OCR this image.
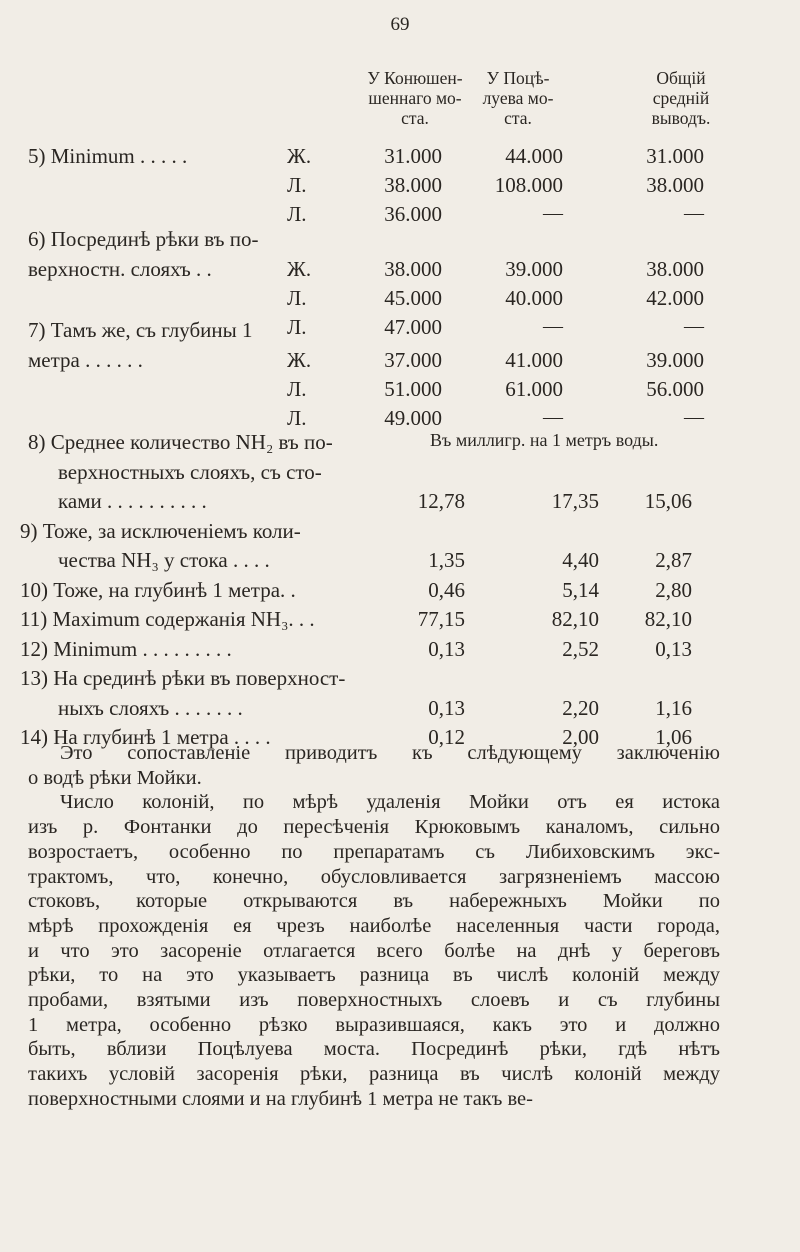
69
У Конюшен-
шеннаго мо-
ста.
У Поцѣ-
луева мо-
ста.
Общій
среднiй
выводъ.
5) Minimum . . . . .	Ж.	31.000	44.000	31.000
Л.	38.000	108.000	38.000
Л.	36.000	—	—
6) Посрединѣ рѣки въ по-
верхностн. слояхъ . .	Ж.	38.000	39.000	38.000
Л.	45.000	40.000	42.000
Л.	47.000	—	—
7) Тамъ же, съ глубины 1
метра . . . . . .	Ж.	37.000	41.000	39.000
Л.	51.000	61.000	56.000
Л.	49.000	—	—
Въ миллигр. на 1 метръ воды.
8) Среднее количество NH₂ въ по-
верхностныхъ слояхъ, съ сто-
ками . . . . . . . . . .	12,78	17,35	15,06
9) Тоже, за исключеніемъ коли-
чества NH₃ у стока . . . .	1,35	4,40	2,87
10) Тоже, на глубинѣ 1 метра. .	0,46	5,14	2,80
11) Maximum содержанія NH₃. . .	77,15	82,10	82,10
12) Minimum . . . . . . . . .	0,13	2,52	0,13
13) На срединѣ рѣки въ поверхност-
ныхъ слояхъ . . . . . . .	0,13	2,20	1,16
14) На глубинѣ 1 метра . . . .	0,12	2,00	1,06
Это сопоставленіе приводитъ къ слѣдующему заключенію
о водѣ рѣки Мойки.
Число колоній, по мѣрѣ удаленія Мойки отъ ея истока
изъ р. Фонтанки до пересѣченія Крюковымъ каналомъ, сильно
возростаетъ, особенно по препаратамъ съ Либиховскимъ экс-
трактомъ, что, конечно, обусловливается загрязненіемъ массою
стоковъ, которые открываются въ набережныхъ Мойки по
мѣрѣ прохожденія ея чрезъ наиболѣе населенныя части города,
и что это засореніе отлагается всего болѣе на днѣ у береговъ
рѣки, то на это указываетъ разница въ числѣ колоній между
пробами, взятыми изъ поверхностныхъ слоевъ и съ глубины
1 метра, особенно рѣзко выразившаяся, какъ это и должно
быть, вблизи Поцѣлуева моста. Посрединѣ рѣки, гдѣ нѣтъ
такихъ условій засоренія рѣки, разница въ числѣ колоній между
поверхностными слоями и на глубинѣ 1 метра не такъ ве-
